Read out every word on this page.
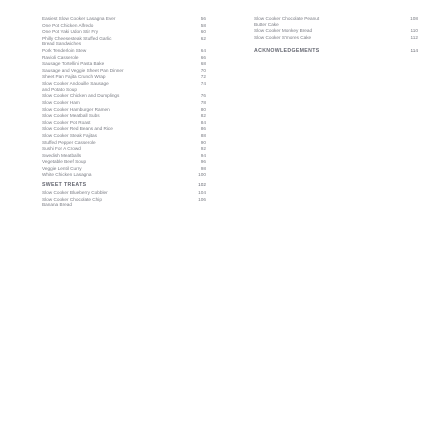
Easiest Slow Cooker Lasagna Ever	56
One Pot Chicken Alfredo	58
One Pot Yaki Udon Stir Fry	60
Philly Cheesesteak Stuffed Garlic Bread Sandwiches
62
Pork Tenderloin Stew	64
Ravioli Casserole	66
Sausage Tortellini Pasta Bake	68
Sausage and Veggie Sheet Pan Dinner	70
Sheet Pan Fajita Crunch Wrap	72
Slow Cooker Andouille Sausage and Potato Soup
74
Slow Cooker Chicken and Dumplings	76
Slow Cooker Ham	78
Slow Cooker Hamburger Ramen	80
Slow Cooker Meatball Subs	82
Slow Cooker Pot Roast	84
Slow Cooker Red Beans and Rice	86
Slow Cooker Steak Fajitas	88
Stuffed Pepper Casserole	90
Sushi For A Crowd	92
Swedish Meatballs	94
Vegetable Beef Soup	96
Veggie Lentil Curry	98
White Chicken Lasagna	100
SWEET TREATS	102
Slow Cooker Blueberry Cobbler	104
Slow Cooker Chocolate Chip Banana Bread
106
Slow Cooker Chocolate Peanut Butter Cake
108
Slow Cooker Monkey Bread	110
Slow Cooker S'mores Cake	112
ACKNOWLEDGEMENTS	114
